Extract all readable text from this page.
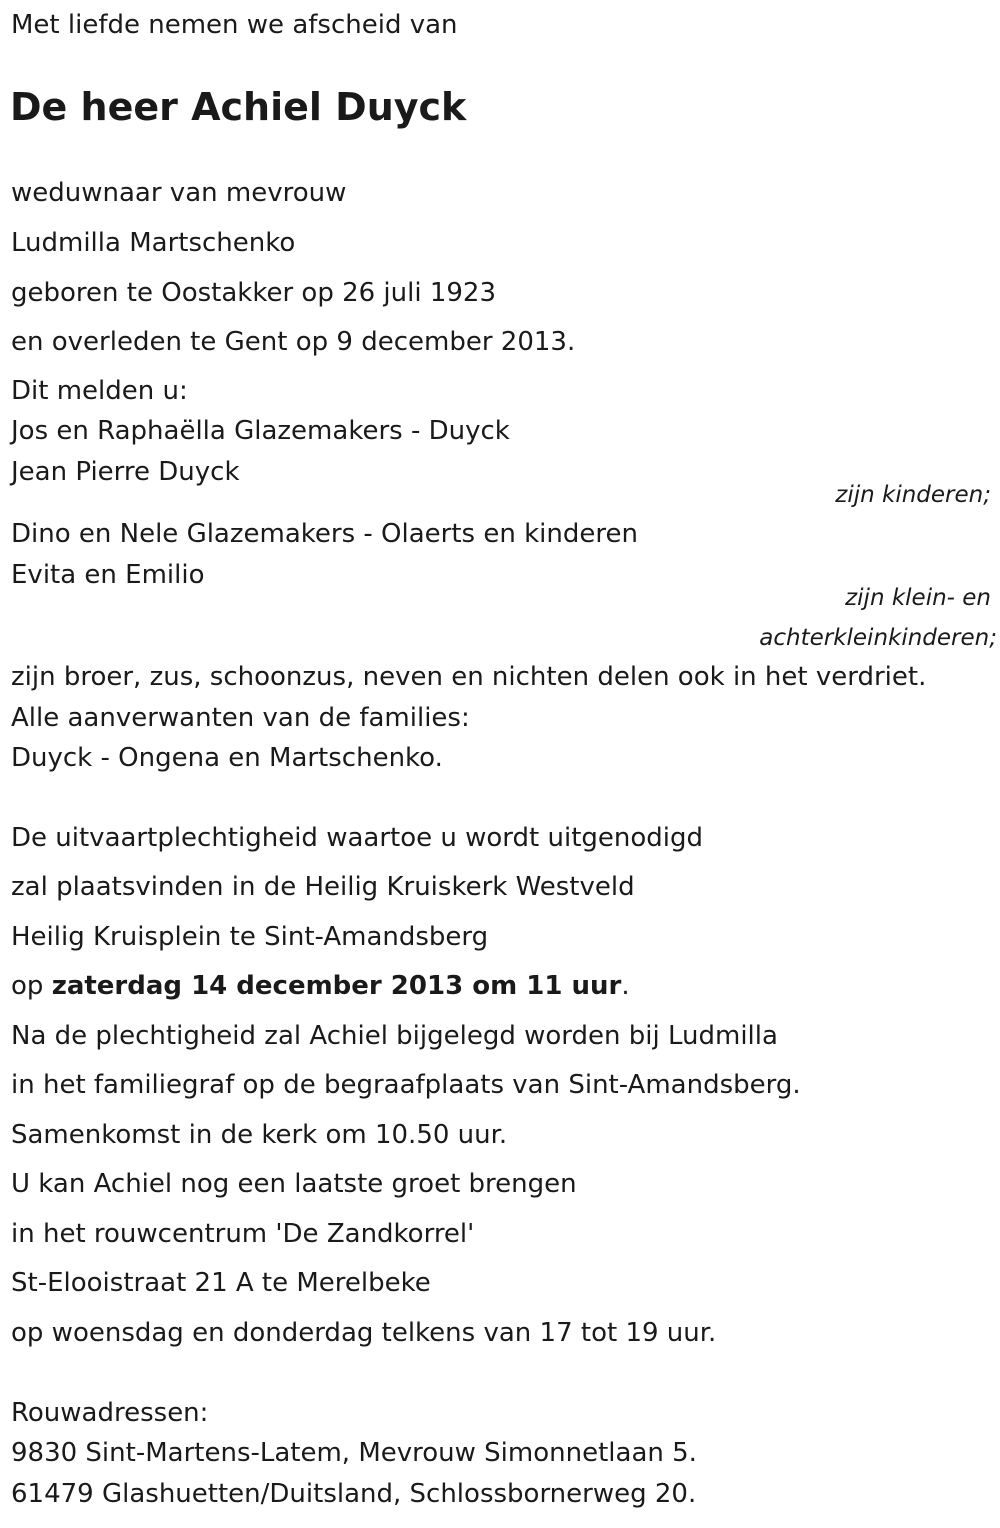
Met liefde nemen we afscheid van

De heer Achiel Duyck

weduwnaar van mevrouw

Ludmilla Martschenko

geboren te Oostakker op 26 juli 1923

en overleden te Gent op 9 december 2013.

Dit melden u:

Jos en Raphaëlla Glazemakers - Duyck

Jean Pierre Duyck

zijn kinderen;

Dino en Nele Glazemakers - Olaerts en kinderen

Evita en Emilio

zijn klein- en
achterkleinkinderen;

zijn broer, zus, schoonzus, neven en nichten delen ook in het verdriet.

Alle aanverwanten van de families:

Duyck - Ongena en Martschenko.

De uitvaartplechtigheid waartoe u wordt uitgenodigd

zal plaatsvinden in de Heilig Kruiskerk Westveld

Heilig Kruisplein te Sint-Amandsberg

op zaterdag 14 december 2013 om 11 uur.

Na de plechtigheid zal Achiel bijgelegd worden bij Ludmilla

in het familiegraf op de begraafplaats van Sint-Amandsberg.

Samenkomst in de kerk om 10.50 uur.

U kan Achiel nog een laatste groet brengen

in het rouwcentrum 'De Zandkorrel'

St-Elooistraat 21 A te Merelbeke

op woensdag en donderdag telkens van 17 tot 19 uur.

Rouwadressen:

9830 Sint-Martens-Latem, Mevrouw Simonnetlaan 5.

61479 Glashuetten/Duitsland, Schlossbornerweg 20.
